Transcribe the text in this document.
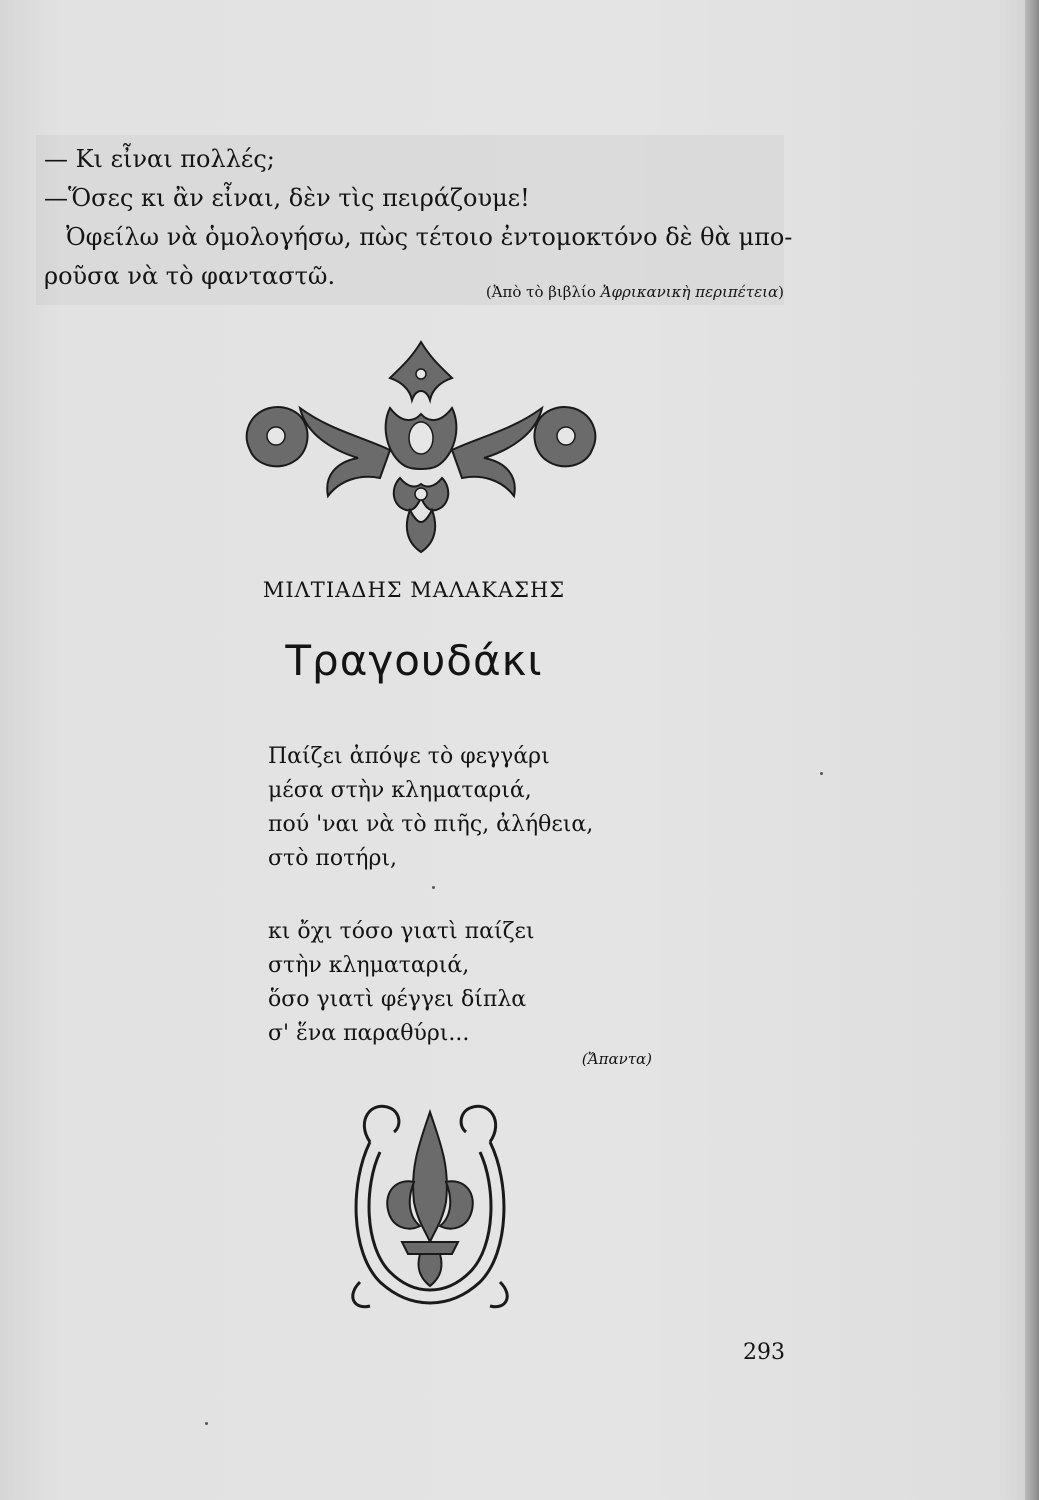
— Κι εἶναι πολλές;
—Ὅσες κι ἂν εἶναι, δὲν τὶς πειράζουμε!
Ὀφείλω νὰ ὁμολογήσω, πὼς τέτοιο ἐντομοκτόνο δὲ θὰ μπο-
ροῦσα νὰ τὸ φανταστῶ.
(Ἀπὸ τὸ βιβλίο Ἀφρικανικὴ περιπέτεια)
ΜΙΛΤΙΑΔΗΣ ΜΑΛΑΚΑΣΗΣ
Τραγουδάκι
Παίζει ἀπόψε τὸ φεγγάρι
μέσα στὴν κληματαριά,
πού 'ναι νὰ τὸ πιῆς, ἀλήθεια,
στὸ ποτήρι,
κι ὄχι τόσο γιατὶ παίζει
στὴν κληματαριά,
ὅσο γιατὶ φέγγει δίπλα
σ' ἕνα παραθύρι...
(Ἄπαντα)
293
